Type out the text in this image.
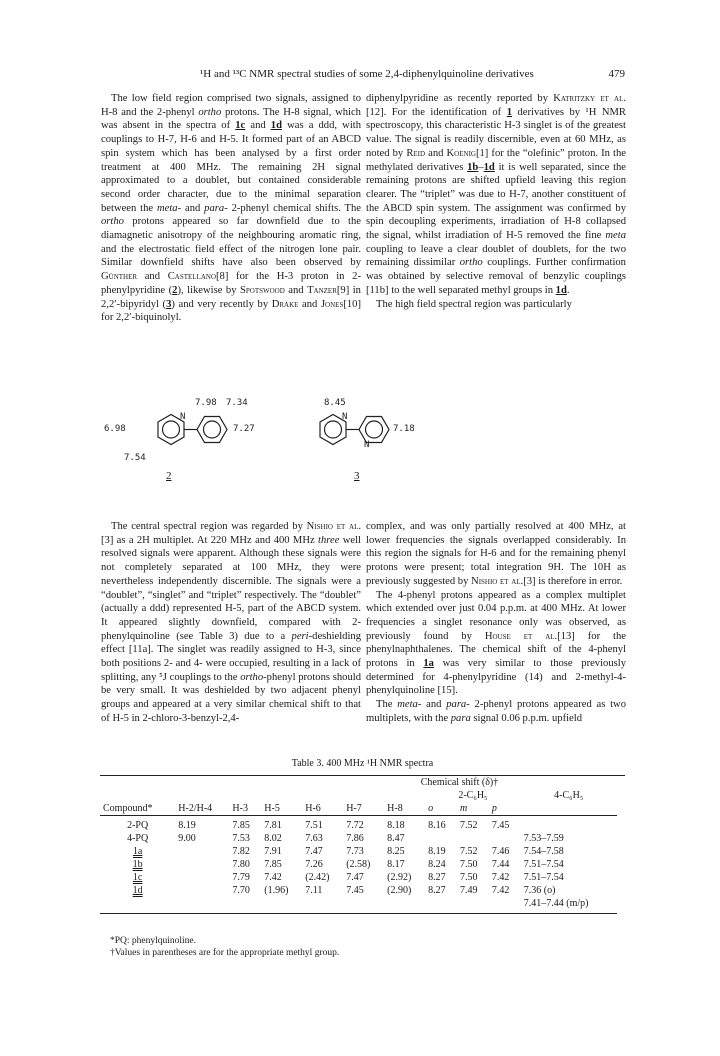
¹H and ¹³C NMR spectral studies of some 2,4-diphenylquinoline derivatives	479

The low field region comprised two signals, assigned to H-8 and the 2-phenyl ortho protons. The H-8 signal, which was absent in the spectra of 1c and 1d was a ddd, with couplings to H-7, H-6 and H-5. It formed part of an ABCD spin system which has been analysed by a first order treatment at 400 MHz. The remaining 2H signal approximated to a doublet, but contained considerable second order character, due to the minimal separation between the meta- and para- 2-phenyl chemical shifts. The ortho protons appeared so far downfield due to the diamagnetic anisotropy of the neighbouring aromatic ring, and the electrostatic field effect of the nitrogen lone pair. Similar downfield shifts have also been observed by Günther and Castellano[8] for the H-3 proton in 2-phenylpyridine (2), likewise by Spotswood and Tanzer[9] in 2,2′-bipyridyl (3) and very recently by Drake and Jones[10] for 2,2′-biquinolyl.

diphenylpyridine as recently reported by Katritzky et al.[12]. For the identification of 1 derivatives by ¹H NMR spectroscopy, this characteristic H-3 singlet is of the greatest value. The signal is readily discernible, even at 60 MHz, as noted by Reid and Koenig[1] for the “olefinic” proton. In the methylated derivatives 1b–1d it is well separated, since the remaining protons are shifted upfield leaving this region clearer. The “triplet” was due to H-7, another constituent of the ABCD spin system. The assignment was confirmed by spin decoupling experiments, irradiation of H-8 collapsed the signal, whilst irradiation of H-5 removed the fine meta coupling to leave a clear doublet of doublets, for the two remaining dissimilar ortho couplings. Further confirmation was obtained by selective removal of benzylic couplings [11b] to the well separated methyl groups in 1d.

The high field spectral region was particularly

7.98 7.34
6.98	7.27
7.54
N
2
8.45
7.18
N
N
3

The central spectral region was regarded by Nishio et al.[3] as a 2H multiplet. At 220 MHz and 400 MHz three well resolved signals were apparent. Although these signals were not completely separated at 100 MHz, they were nevertheless independently discernible. The signals were a “doublet”, “singlet” and “triplet” respectively. The “doublet” (actually a ddd) represented H-5, part of the ABCD system. It appeared slightly downfield, compared with 2-phenylquinoline (see Table 3) due to a peri-deshielding effect [11a]. The singlet was readily assigned to H-3, since both positions 2- and 4- were occupied, resulting in a lack of splitting, any ⁵J couplings to the ortho-phenyl protons should be very small. It was deshielded by two adjacent phenyl groups and appeared at a very similar chemical shift to that of H-5 in 2-chloro-3-benzyl-2,4-

complex, and was only partially resolved at 400 MHz, at lower frequencies the signals overlapped considerably. In this region the signals for H-6 and for the remaining phenyl protons were present; total integration 9H. The 10H as previously suggested by Nishio et al.[3] is therefore in error.

The 4-phenyl protons appeared as a complex multiplet which extended over just 0.04 p.p.m. at 400 MHz. At lower frequencies a singlet resonance only was observed, as previously found by House et al.[13] for the phenylnaphthalenes. The chemical shift of the 4-phenyl protons in 1a was very similar to those previously determined for 4-phenylpyridine (14) and 2-methyl-4-phenylquinoline [15].

The meta- and para- 2-phenyl protons appeared as two multiplets, with the para signal 0.06 p.p.m. upfield

Table 3. 400 MHz ¹H NMR spectra
				Chemical shift (δ)†							
							2-C₆H₅			4-C₆H₅	
Compound*	H-2/H-4	H-3	H-5	H-6	H-7	H-8	o	m	p		
2-PQ	8.19	7.85	7.81	7.51	7.72	8.18	8.16	7.52	7.45		
4-PQ	9.00	7.53	8.02	7.63	7.86	8.47				7.53–7.59	
1a		7.82	7.91	7.47	7.73	8.25	8.19	7.52	7.46	7.54–7.58	
1b		7.80	7.85	7.26	(2.58)	8.17	8.24	7.50	7.44	7.51–7.54	
1c		7.79	7.42	(2.42)	7.47	(2.92)	8.27	7.50	7.42	7.51–7.54	
1d		7.70	(1.96)	7.11	7.45	(2.90)	8.27	7.49	7.42	7.36 (o)	
										7.41–7.44 (m/p)	
*PQ: phenylquinoline.
†Values in parentheses are for the appropriate methyl group.
